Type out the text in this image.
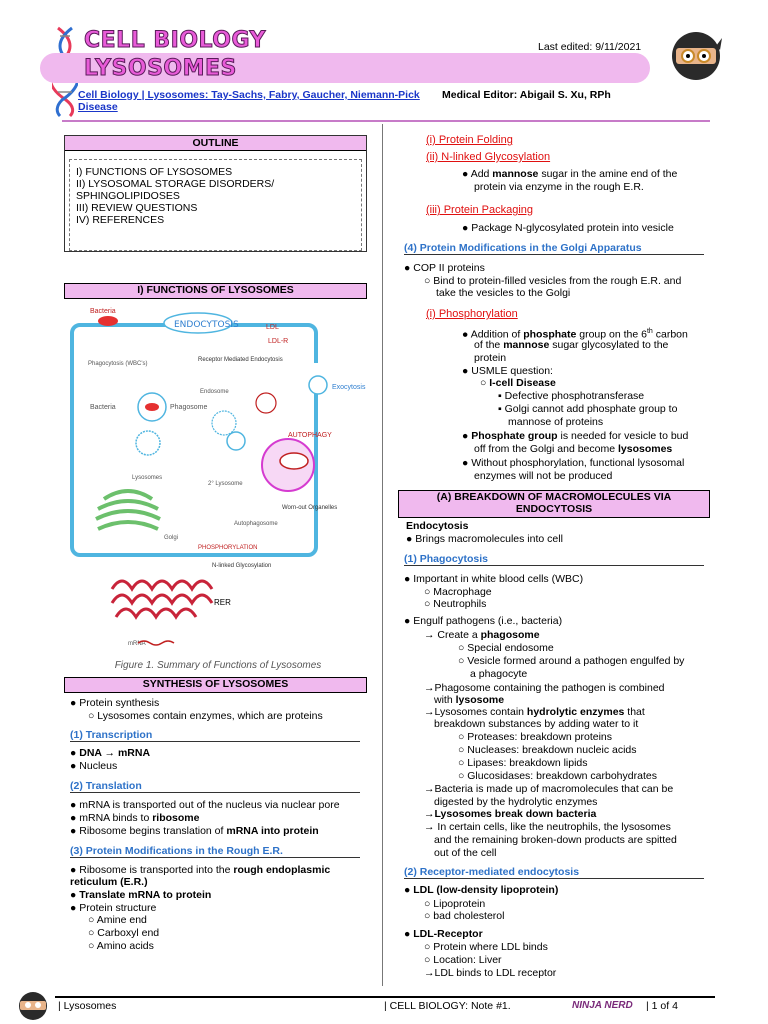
CELL BIOLOGY
LYSOSOMES
Last edited: 9/11/2021
Cell Biology | Lysosomes: Tay-Sachs, Fabry, Gaucher, Niemann-Pick Disease
Medical Editor: Abigail S. Xu, RPh
OUTLINE
I) FUNCTIONS OF LYSOSOMES
II) LYSOSOMAL STORAGE DISORDERS/
SPHINGOLIPIDOSES
III) REVIEW QUESTIONS
IV) REFERENCES
I) FUNCTIONS OF LYSOSOMES
ENDOCYTOSIS
Bacteria
LDL
LDL-R
Phagocytosis (WBC's)
Receptor Mediated Endocytosis
Endosome
Exocytosis
Bacteria	Phagosome
Lysosomes
2° Lysosome
AUTOPHAGY
Autophagosome
Worn-out Organelles
Golgi
PHOSPHORYLATION
N-linked Glycosylation
RER
mRNA
Figure 1. Summary of Functions of Lysosomes
SYNTHESIS OF LYSOSOMES
● Protein synthesis
○ Lysosomes contain enzymes, which are proteins
(1) Transcription
● DNA → mRNA
● Nucleus
(2) Translation
● mRNA is transported out of the nucleus via nuclear pore
● mRNA binds to ribosome
● Ribosome begins translation of mRNA into protein
(3) Protein Modifications in the Rough E.R.
● Ribosome is transported into the rough endoplasmic reticulum (E.R.)
● Translate mRNA to protein
● Protein structure
○ Amine end
○ Carboxyl end
○ Amino acids
(i) Protein Folding
(ii) N-linked Glycosylation
● Add mannose sugar in the amine end of the
protein via enzyme in the rough E.R.
(iii) Protein Packaging
● Package N-glycosylated protein into vesicle
(4) Protein Modifications in the Golgi Apparatus
● COP II proteins
○ Bind to protein-filled vesicles from the rough E.R. and
take the vesicles to the Golgi
(i) Phosphorylation
● Addition of phosphate group on the 6th carbon
of the mannose sugar glycosylated to the
protein
● USMLE question:
○ I-cell Disease
▪ Defective phosphotransferase
▪ Golgi cannot add phosphate group to
mannose of proteins
● Phosphate group is needed for vesicle to bud
off from the Golgi and become lysosomes
● Without phosphorylation, functional lysosomal
enzymes will not be produced
(A) BREAKDOWN OF MACROMOLECULES VIA
ENDOCYTOSIS
Endocytosis
● Brings macromolecules into cell
(1) Phagocytosis
● Important in white blood cells (WBC)
○ Macrophage
○ Neutrophils
● Engulf pathogens (i.e., bacteria)
→ Create a phagosome
○ Special endosome
○ Vesicle formed around a pathogen engulfed by
a phagocyte
→Phagosome containing the pathogen is combined
with lysosome
→Lysosomes contain hydrolytic enzymes that
breakdown substances by adding water to it
○ Proteases: breakdown proteins
○ Nucleases: breakdown nucleic acids
○ Lipases: breakdown lipids
○ Glucosidases: breakdown carbohydrates
→Bacteria is made up of macromolecules that can be
digested by the hydrolytic enzymes
→Lysosomes break down bacteria
→ In certain cells, like the neutrophils, the lysosomes
and the remaining broken-down products are spitted
out of the cell
(2) Receptor-mediated endocytosis
● LDL (low-density lipoprotein)
○ Lipoprotein
○ bad cholesterol
● LDL-Receptor
○ Protein where LDL binds
○ Location: Liver
→LDL binds to LDL receptor
| Lysosomes	| CELL BIOLOGY: Note #1.	NINJA NERD | 1 of 4
